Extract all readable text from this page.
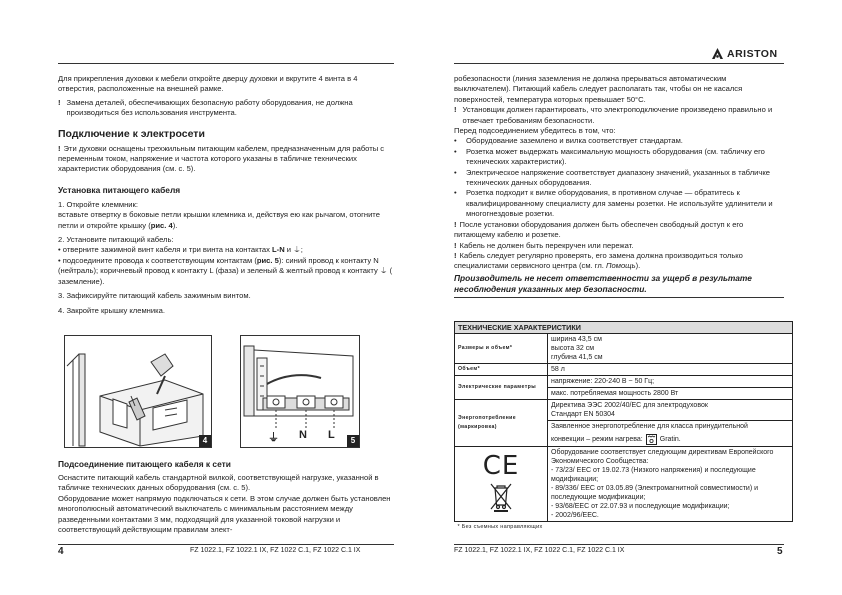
ARISTON

Для прикрепления духовки к мебели откройте дверцу духовки и вкрутите 4 винта в 4 отверстия, расположенные на внешней рамке.

! Замена деталей, обеспечивающих безопасную работу оборудования, не должна производиться без использования инструмента.

Подключение к электросети

! Эти духовки оснащены трехжильным питающим кабелем, предназначенным для работы с переменным током, напряжение и частота которого указаны в табличке технических характеристик оборудования (см. с. 5).

Установка питающего кабеля

1. Откройте клеммник:

вставьте отвертку в боковые петли крышки клемника и, действуя ею как рычагом, отогните петли и откройте крышку (рис. 4).

2. Установите питающий кабель:

• отверните зажимной винт кабеля и три винта на контактах L-N и ⏚;

• подсоедините провода к соответствующим контактам (рис. 5): синий провод к контакту N (нейтраль); коричневый провод к контакту L (фаза) и зеленый & желтый провод к контакту ⏚ ( заземление).

3. Зафиксируйте питающий кабель зажимным винтом.

4. Закройте крышку клемника.

4	⏚ N L	5

Подсоединение питающего кабеля к сети

Оснастите питающий кабель стандартной вилкой, соответствующей нагрузке, указанной в табличке технических данных оборудования (см. с. 5).

Оборудование может напрямую подключаться к сети. В этом случае должен быть установлен многополюсный автоматический выключатель с минимальным расстоянием между разведенными контактами 3 мм, подходящий для указанной токовой нагрузки и соответствующий действующим правилам элект-

4	FZ 1022.1, FZ 1022.1 IX, FZ 1022 C.1, FZ 1022 C.1 IX

робезопасности (линия заземления не должна прерываться автоматическим выключателем). Питающий кабель следует располагать так, чтобы он не касался поверхностей, температура которых превышает 50°C.

! Установщик должен гарантировать, что электроподключение произведено правильно и отвечает требованиям безопасности.

Перед подсоединением убедитесь в том, что:

• Оборудование заземлено и вилка соответствует стандартам.

• Розетка может выдержать максимальную мощность оборудования (см. табличку его технических характеристик).

• Электрическое напряжение соответствует диапазону значений, указанных в табличке технических данных оборудования.

• Розетка подходит к вилке оборудования, в противном случае — обратитесь к квалифицированному специалисту для замены розетки. Не используйте удлинители и многогнездовые розетки.

! После установки оборудования должен быть обеспечен свободный доступ к его питающему кабелю и розетке.

! Кабель не должен быть перекручен или пережат.

! Кабель следует регулярно проверять, его замена должна производиться только специалистами сервисного центра (см. гл. Помощь).

Производитель не несет ответственности за ущерб в результате несоблюдения указанных мер безопасности.

ТЕХНИЧЕСКИЕ ХАРАКТЕРИСТИКИ	
Размеры и объем*	ширина 43,5 см
высота 32 см
глубина 41,5 см

Объем*	58 л
Электрические параметры	напряжение: 220-240 В ~ 50 Гц;
	макс. потребляемая мощность 2800 Вт
Энергопотребление (маркировка)	Директива ЭЭС 2002/40/EC для электродуховок
Стандарт EN 50304

	Заявленное энергопотребление для класса принудительной
конвекции – режим нагрева: Gratin.

CE	Оборудование соответствует следующим директивам Европейского Экономического Сообщества:
- 73/23/ ЕЕС от 19.02.73 (Низкого напряжения) и последующие модификации;
- 89/336/ ЕЕС от 03.05.89 (Электромагнитной совместимости) и последующие модификации;
- 93/68/ЕЕС от 22.07.93 и последующие модификации;
- 2002/96/ЕЕС.

* Без съемных направляющих	
FZ 1022.1, FZ 1022.1 IX, FZ 1022 C.1, FZ 1022 C.1 IX	5
